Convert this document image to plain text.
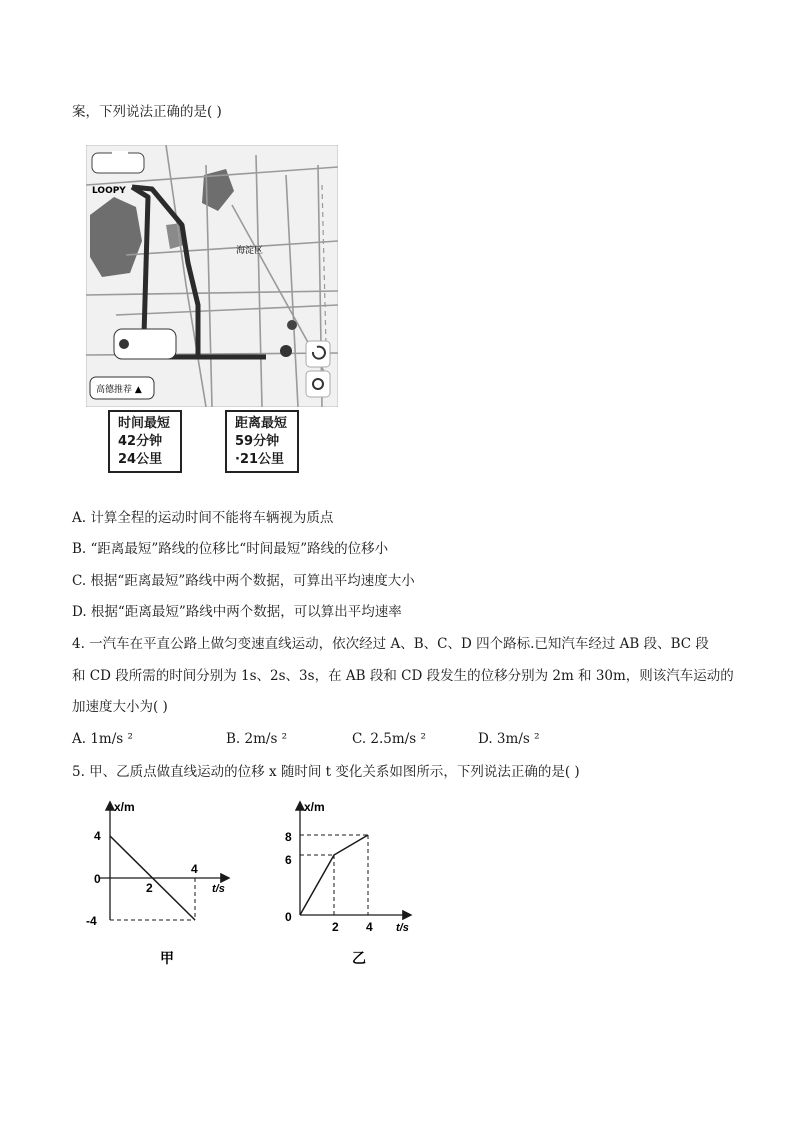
案，下列说法正确的是( )
高德推荐 ▲
LOOPY
海淀区
时间最短
42分钟
24公里
距离最短
59分钟
·21公里
A. 计算全程的运动时间不能将车辆视为质点
B. “距离最短”路线的位移比“时间最短”路线的位移小
C. 根据“距离最短”路线中两个数据，可算出平均速度大小
D. 根据“距离最短”路线中两个数据，可以算出平均速率
4. 一汽车在平直公路上做匀变速直线运动，依次经过 A、B、C、D 四个路标.已知汽车经过 AB 段、BC 段
和 CD 段所需的时间分别为 1s、2s、3s，在 AB 段和 CD 段发生的位移分别为 2m 和 30m，则该汽车运动的
加速度大小为( )
A. 1m/s ²	B. 2m/s ²	C. 2.5m/s ²	D. 3m/s ²
5. 甲、乙质点做直线运动的位移 x 随时间 t 变化关系如图所示，下列说法正确的是( )
x/m
t/s
4
0
-4
2
4
甲
x/m
t/s
8
6
0
2 4
乙
